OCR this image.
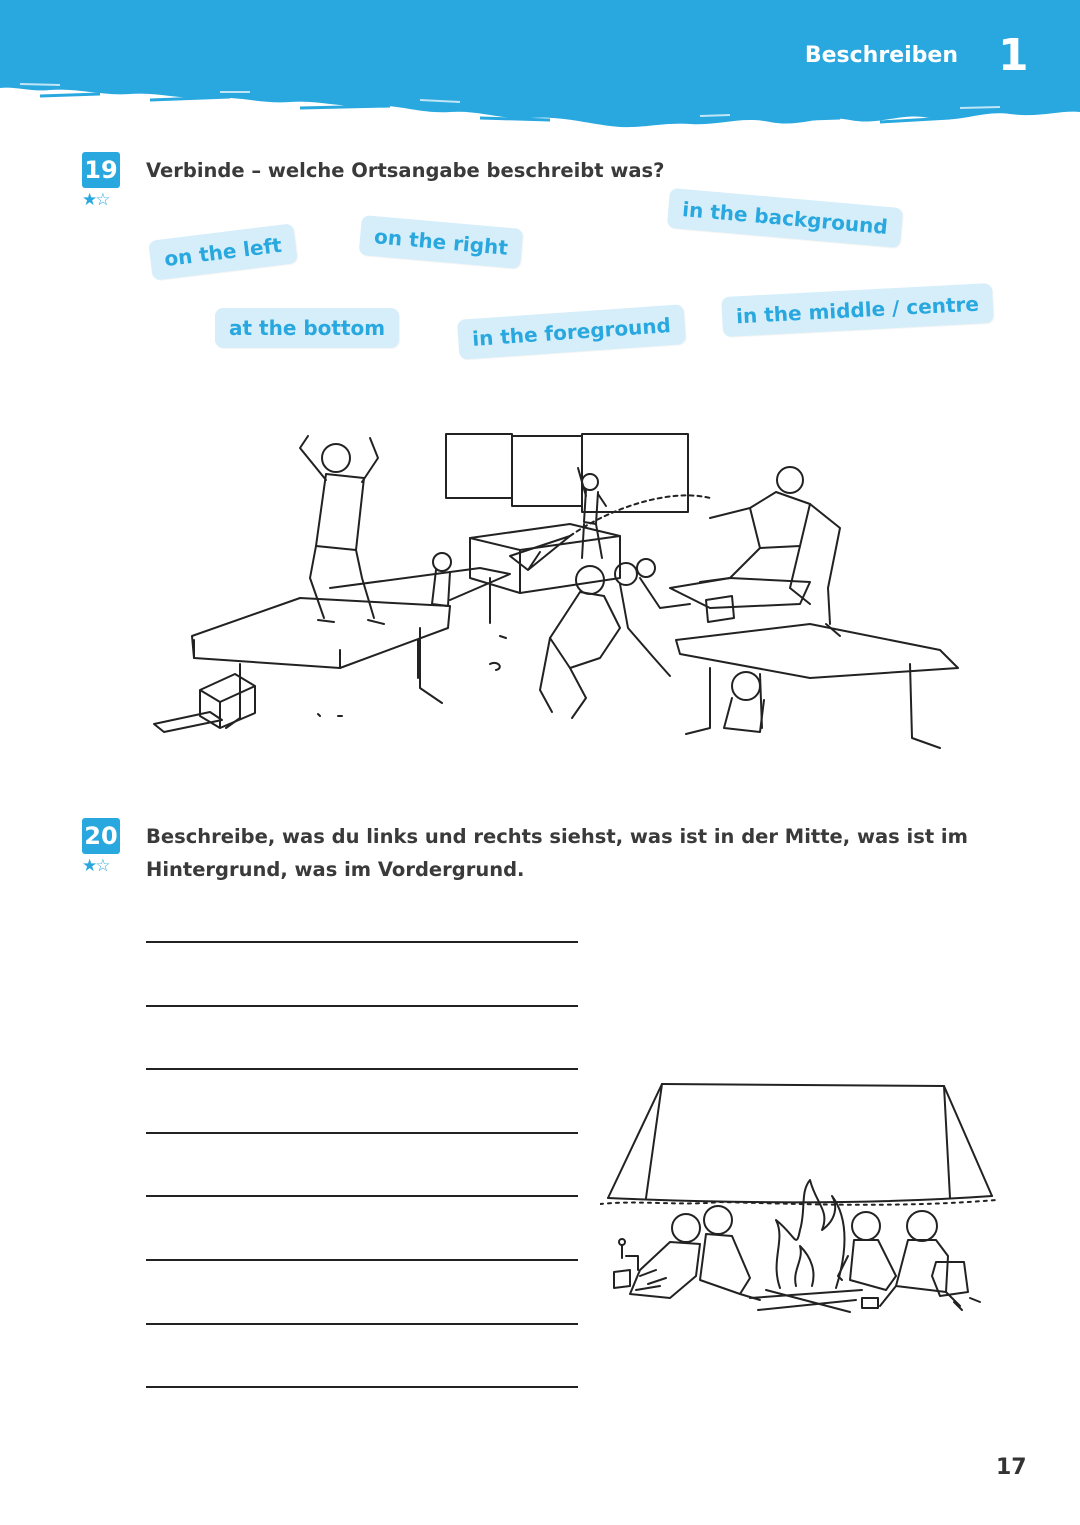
Beschreiben 1
19
★☆
Verbinde – welche Ortsangabe beschreibt was?
on the left	on the right
in the background
at the bottom	in the foreground
in the middle / centre
20
★☆
Beschreibe, was du links und rechts siehst, was ist in der Mitte, was ist im
Hintergrund, was im Vordergrund.
17
